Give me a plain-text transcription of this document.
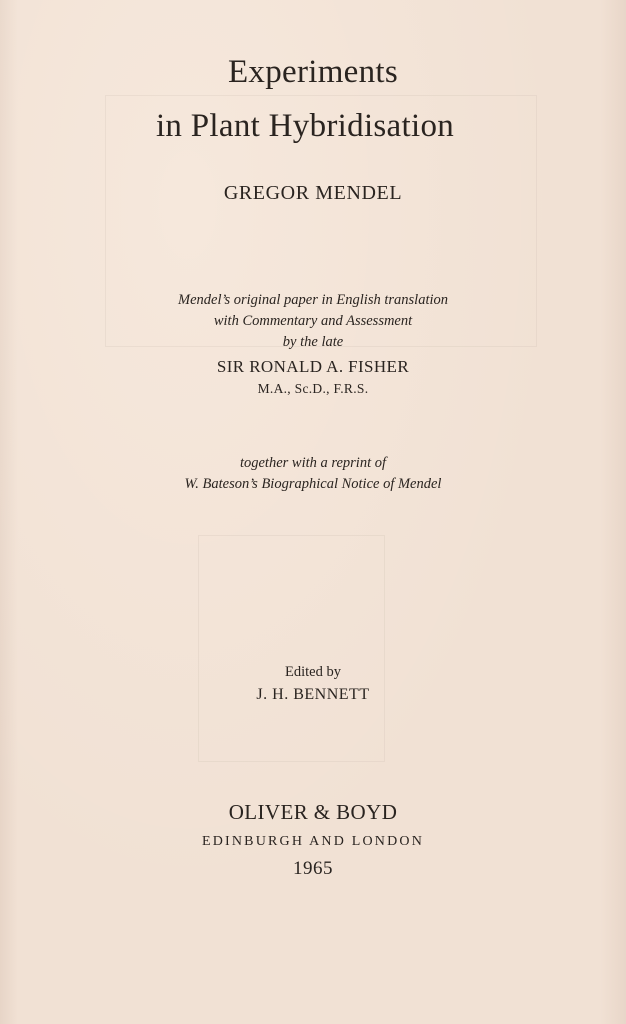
Experiments
in Plant Hybridisation
GREGOR MENDEL
Mendel’s original paper in English translation
with Commentary and Assessment
by the late
SIR RONALD A. FISHER
M.A., Sc.D., F.R.S.
together with a reprint of
W. Bateson’s Biographical Notice of Mendel
Edited by
J. H. BENNETT
OLIVER & BOYD
EDINBURGH AND LONDON
1965
